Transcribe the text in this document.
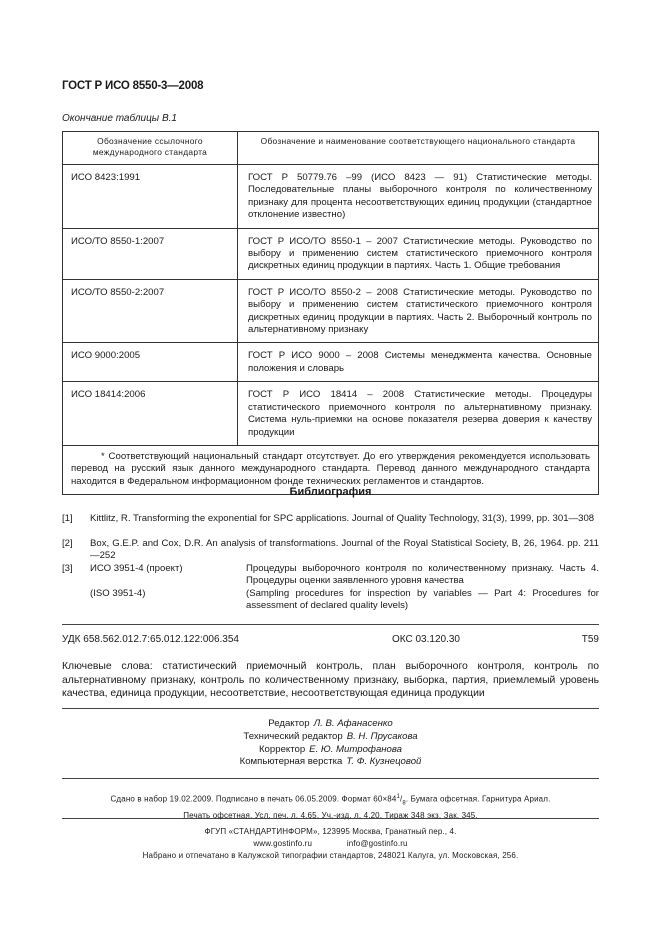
ГОСТ Р ИСО 8550-3—2008
Окончание таблицы В.1
Обозначение ссылочного международного стандарта	Обозначение и наименование соответствующего национального стандарта
ИСО 8423:1991	ГОСТ Р 50779.76 –99 (ИСО 8423 — 91) Статистические методы. Последовательные планы выборочного контроля по количественному признаку для процента несоответствующих единиц продукции (стандартное отклонение известно)
ИСО/ТО 8550-1:2007	ГОСТ Р ИСО/ТО 8550-1 – 2007 Статистические методы. Руководство по выбору и применению систем статистического приемочного контроля дискретных единиц продукции в партиях. Часть 1. Общие требования
ИСО/ТО 8550-2:2007	ГОСТ Р ИСО/ТО 8550-2 – 2008 Статистические методы. Руководство по выбору и применению систем статистического приемочного контроля дискретных единиц продукции в партиях. Часть 2. Выборочный контроль по альтернативному признаку
ИСО 9000:2005	ГОСТ Р ИСО 9000 – 2008 Системы менеджмента качества. Основные положения и словарь
ИСО 18414:2006	ГОСТ Р ИСО 18414 – 2008 Статистические методы. Процедуры статистического приемочного контроля по альтернативному признаку. Система нуль-приемки на основе показателя резерва доверия к качеству продукции
* Соответствующий национальный стандарт отсутствует. До его утверждения рекомендуется использовать перевод на русский язык данного международного стандарта. Перевод данного международного стандарта находится в Федеральном информационном фонде технических регламентов и стандартов.	
Библиография
[1] Kittlitz, R. Transforming the exponential for SPC applications. Journal of Quality Technology, 31(3), 1999, pp. 301—308
[2] Box, G.E.P. and Cox, D.R. An analysis of transformations. Journal of the Royal Statistical Society, B, 26, 1964. pp. 211—252
[3] ИСО 3951-4 (проект)	Процедуры выборочного контроля по количественному признаку. Часть 4. Процедуры оценки заявленного уровня качества
(ISO 3951-4)	(Sampling procedures for inspection by variables — Part 4: Procedures for assessment of declared quality levels)
УДК 658.562.012.7:65.012.122:006.354	ОКС 03.120.30	Т59
Ключевые слова: статистический приемочный контроль, план выборочного контроля, контроль по альтернативному признаку, контроль по количественному признаку, выборка, партия, приемлемый уровень качества, единица продукции, несоответствие, несоответствующая единица продукции
Редактор Л. В. Афанасенко
Технический редактор В. Н. Прусакова
Корректор Е. Ю. Митрофанова
Компьютерная верстка Т. Ф. Кузнецовой
Сдано в набор 19.02.2009. Подписано в печать 06.05.2009. Формат $60\times 84^1/_8$. Бумага офсетная. Гарнитура Ариал.
Печать офсетная. Усл. печ. л. 4,65. Уч.-изд. л. 4,20. Тираж 348 экз. Зак. 345.
ФГУП «СТАНДАРТИНФОРМ», 123995 Москва, Гранатный пер., 4.
www.gostinfo.ru	info@gostinfo.ru
Набрано и отпечатано в Калужской типографии стандартов, 248021 Калуга, ул. Московская, 256.
